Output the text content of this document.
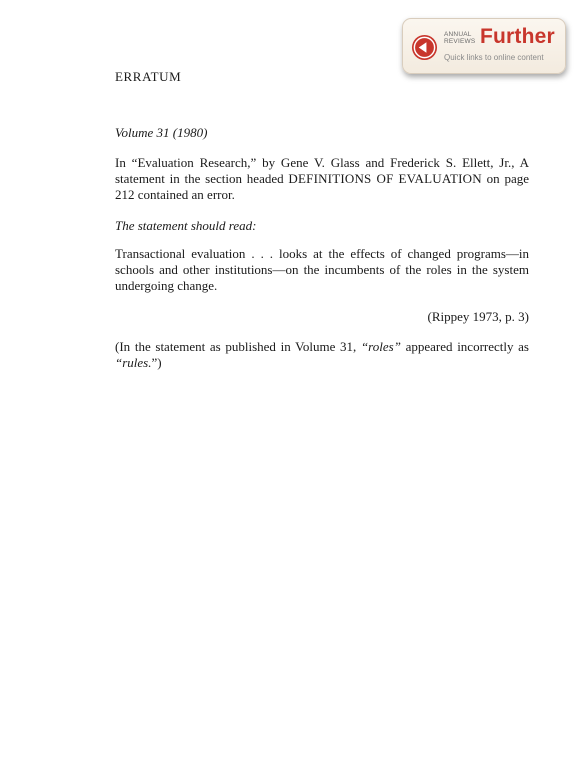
ANNUAL
REVIEWS Further
Quick links to online content
ERRATUM
Volume 31 (1980)
In “Evaluation Research,” by Gene V. Glass and Frederick S. Ellett, Jr., A statement in the section headed DEFINITIONS OF EVALUATION on page 212 contained an error.
The statement should read:
Transactional evaluation . . . looks at the effects of changed programs—in schools and other institutions—on the incumbents of the roles in the system undergoing change.
(Rippey 1973, p. 3)
(In the statement as published in Volume 31, “roles” appeared incorrectly as “rules.”)
